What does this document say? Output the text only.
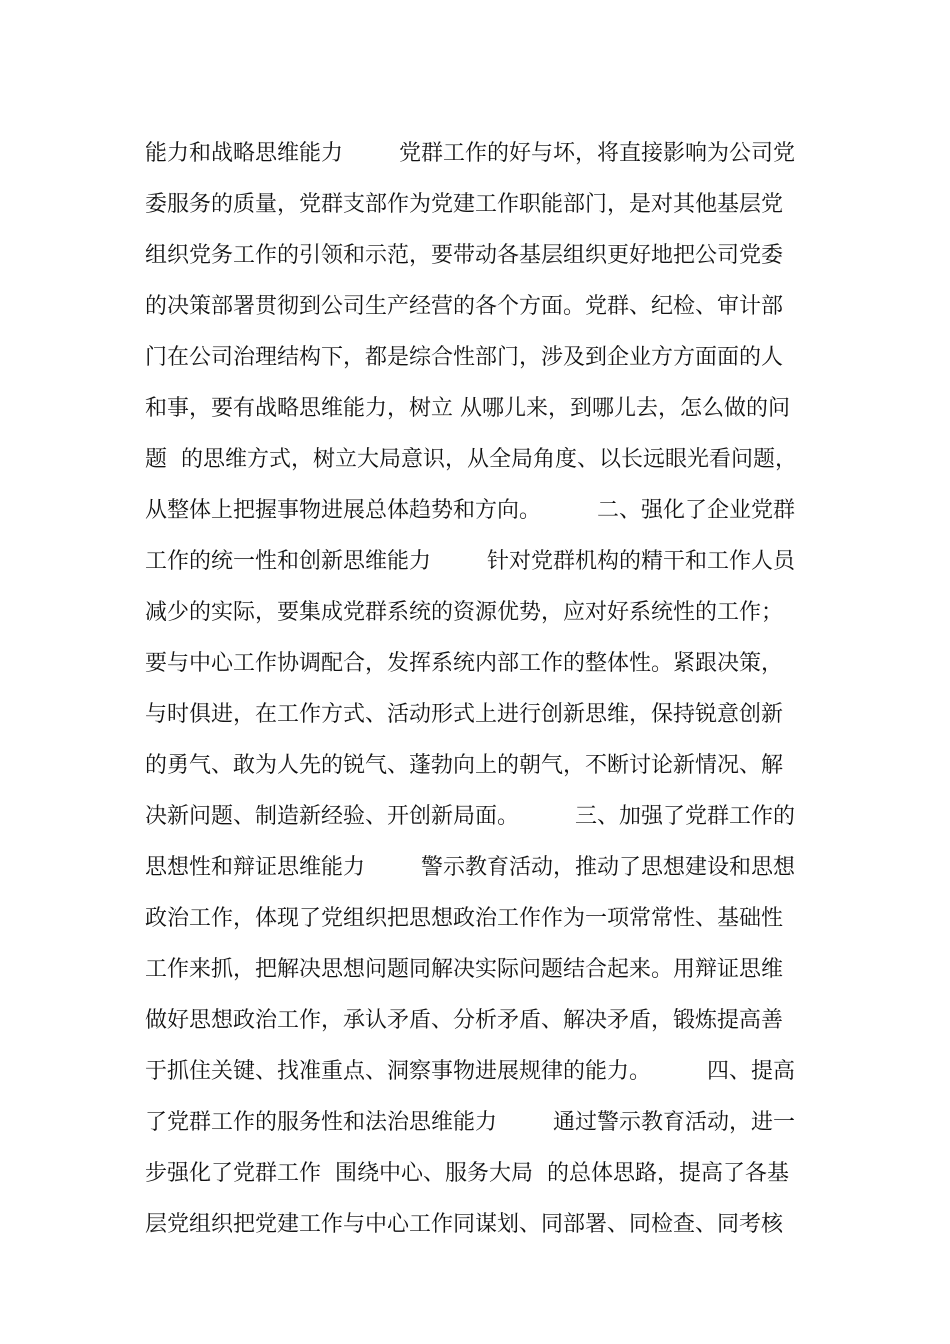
能力和战略思维能力        党群工作的好与坏，将直接影响为公司党
委服务的质量，党群支部作为党建工作职能部门，是对其他基层党
组织党务工作的引领和示范，要带动各基层组织更好地把公司党委
的决策部署贯彻到公司生产经营的各个方面。党群、纪检、审计部
门在公司治理结构下，都是综合性部门，涉及到企业方方面面的人
和事，要有战略思维能力，树立 从哪儿来，到哪儿去，怎么做的问
题  的思维方式，树立大局意识，从全局角度、以长远眼光看问题，
从整体上把握事物进展总体趋势和方向。        二、强化了企业党群
工作的统一性和创新思维能力        针对党群机构的精干和工作人员
减少的实际，要集成党群系统的资源优势，应对好系统性的工作；
要与中心工作协调配合，发挥系统内部工作的整体性。紧跟决策，
与时俱进，在工作方式、活动形式上进行创新思维，保持锐意创新
的勇气、敢为人先的锐气、蓬勃向上的朝气，不断讨论新情况、解
决新问题、制造新经验、开创新局面。        三、加强了党群工作的
思想性和辩证思维能力        警示教育活动，推动了思想建设和思想
政治工作，体现了党组织把思想政治工作作为一项常常性、基础性
工作来抓，把解决思想问题同解决实际问题结合起来。用辩证思维
做好思想政治工作，承认矛盾、分析矛盾、解决矛盾，锻炼提高善
于抓住关键、找准重点、洞察事物进展规律的能力。        四、提高
了党群工作的服务性和法治思维能力        通过警示教育活动，进一
步强化了党群工作  围绕中心、服务大局  的总体思路，提高了各基
层党组织把党建工作与中心工作同谋划、同部署、同检查、同考核
